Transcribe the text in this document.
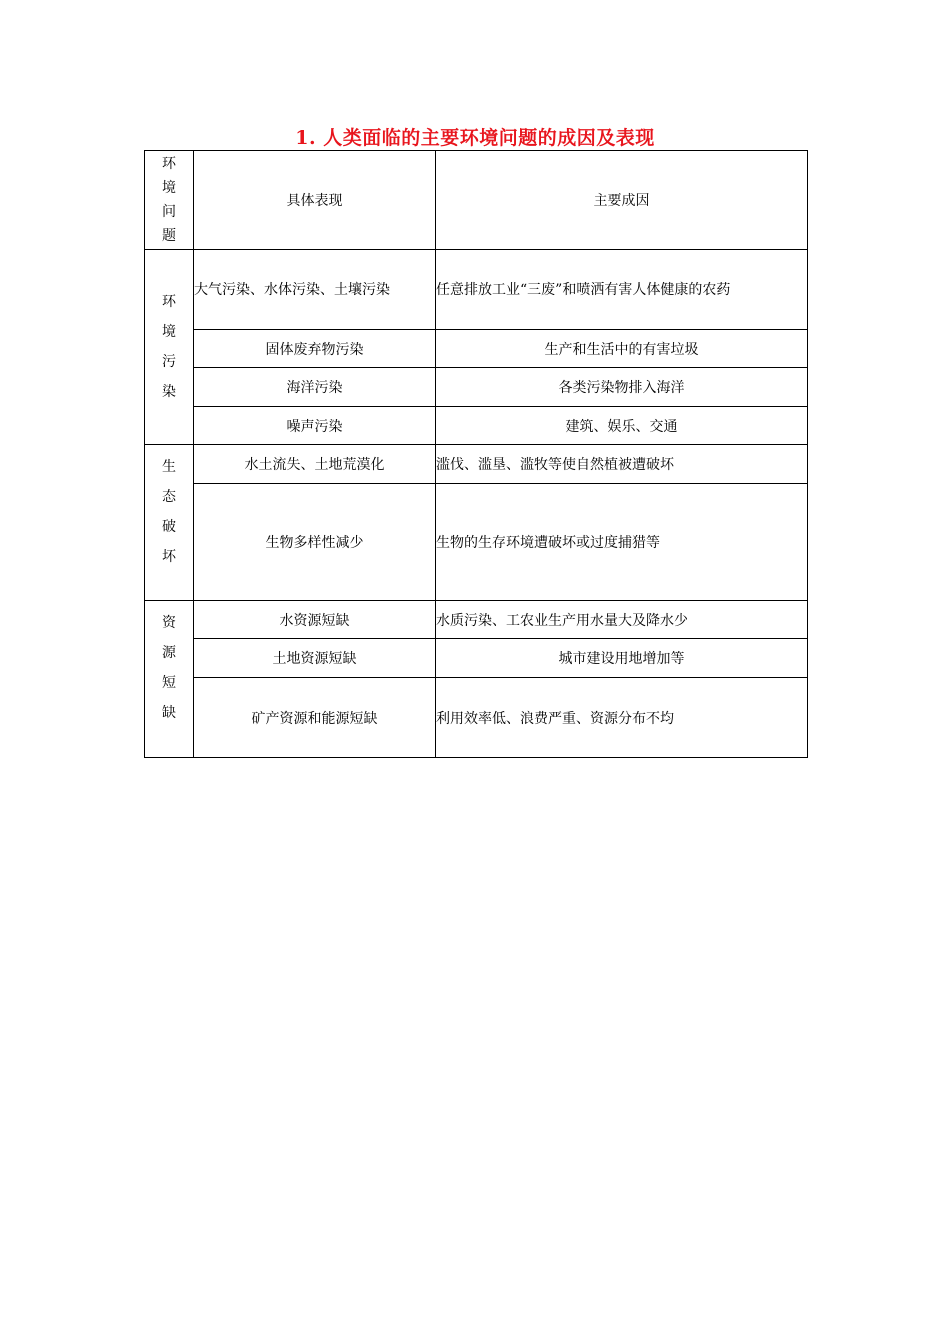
1. 人类面临的主要环境问题的成因及表现
环
境
问
题	具体表现	主要成因

环
境
污
染	大气污染、水体污染、土壤污染	任意排放工业“三废”和喷洒有害人体健康的农药
	固体废弃物污染	生产和生活中的有害垃圾
	海洋污染	各类污染物排入海洋
	噪声污染	建筑、娱乐、交通

生
态
破
坏	水土流失、土地荒漠化	滥伐、滥垦、滥牧等使自然植被遭破坏
	生物多样性减少	生物的生存环境遭破坏或过度捕猎等

资
源
短
缺	水资源短缺	水质污染、工农业生产用水量大及降水少
	土地资源短缺	城市建设用地增加等
	矿产资源和能源短缺	利用效率低、浪费严重、资源分布不均
